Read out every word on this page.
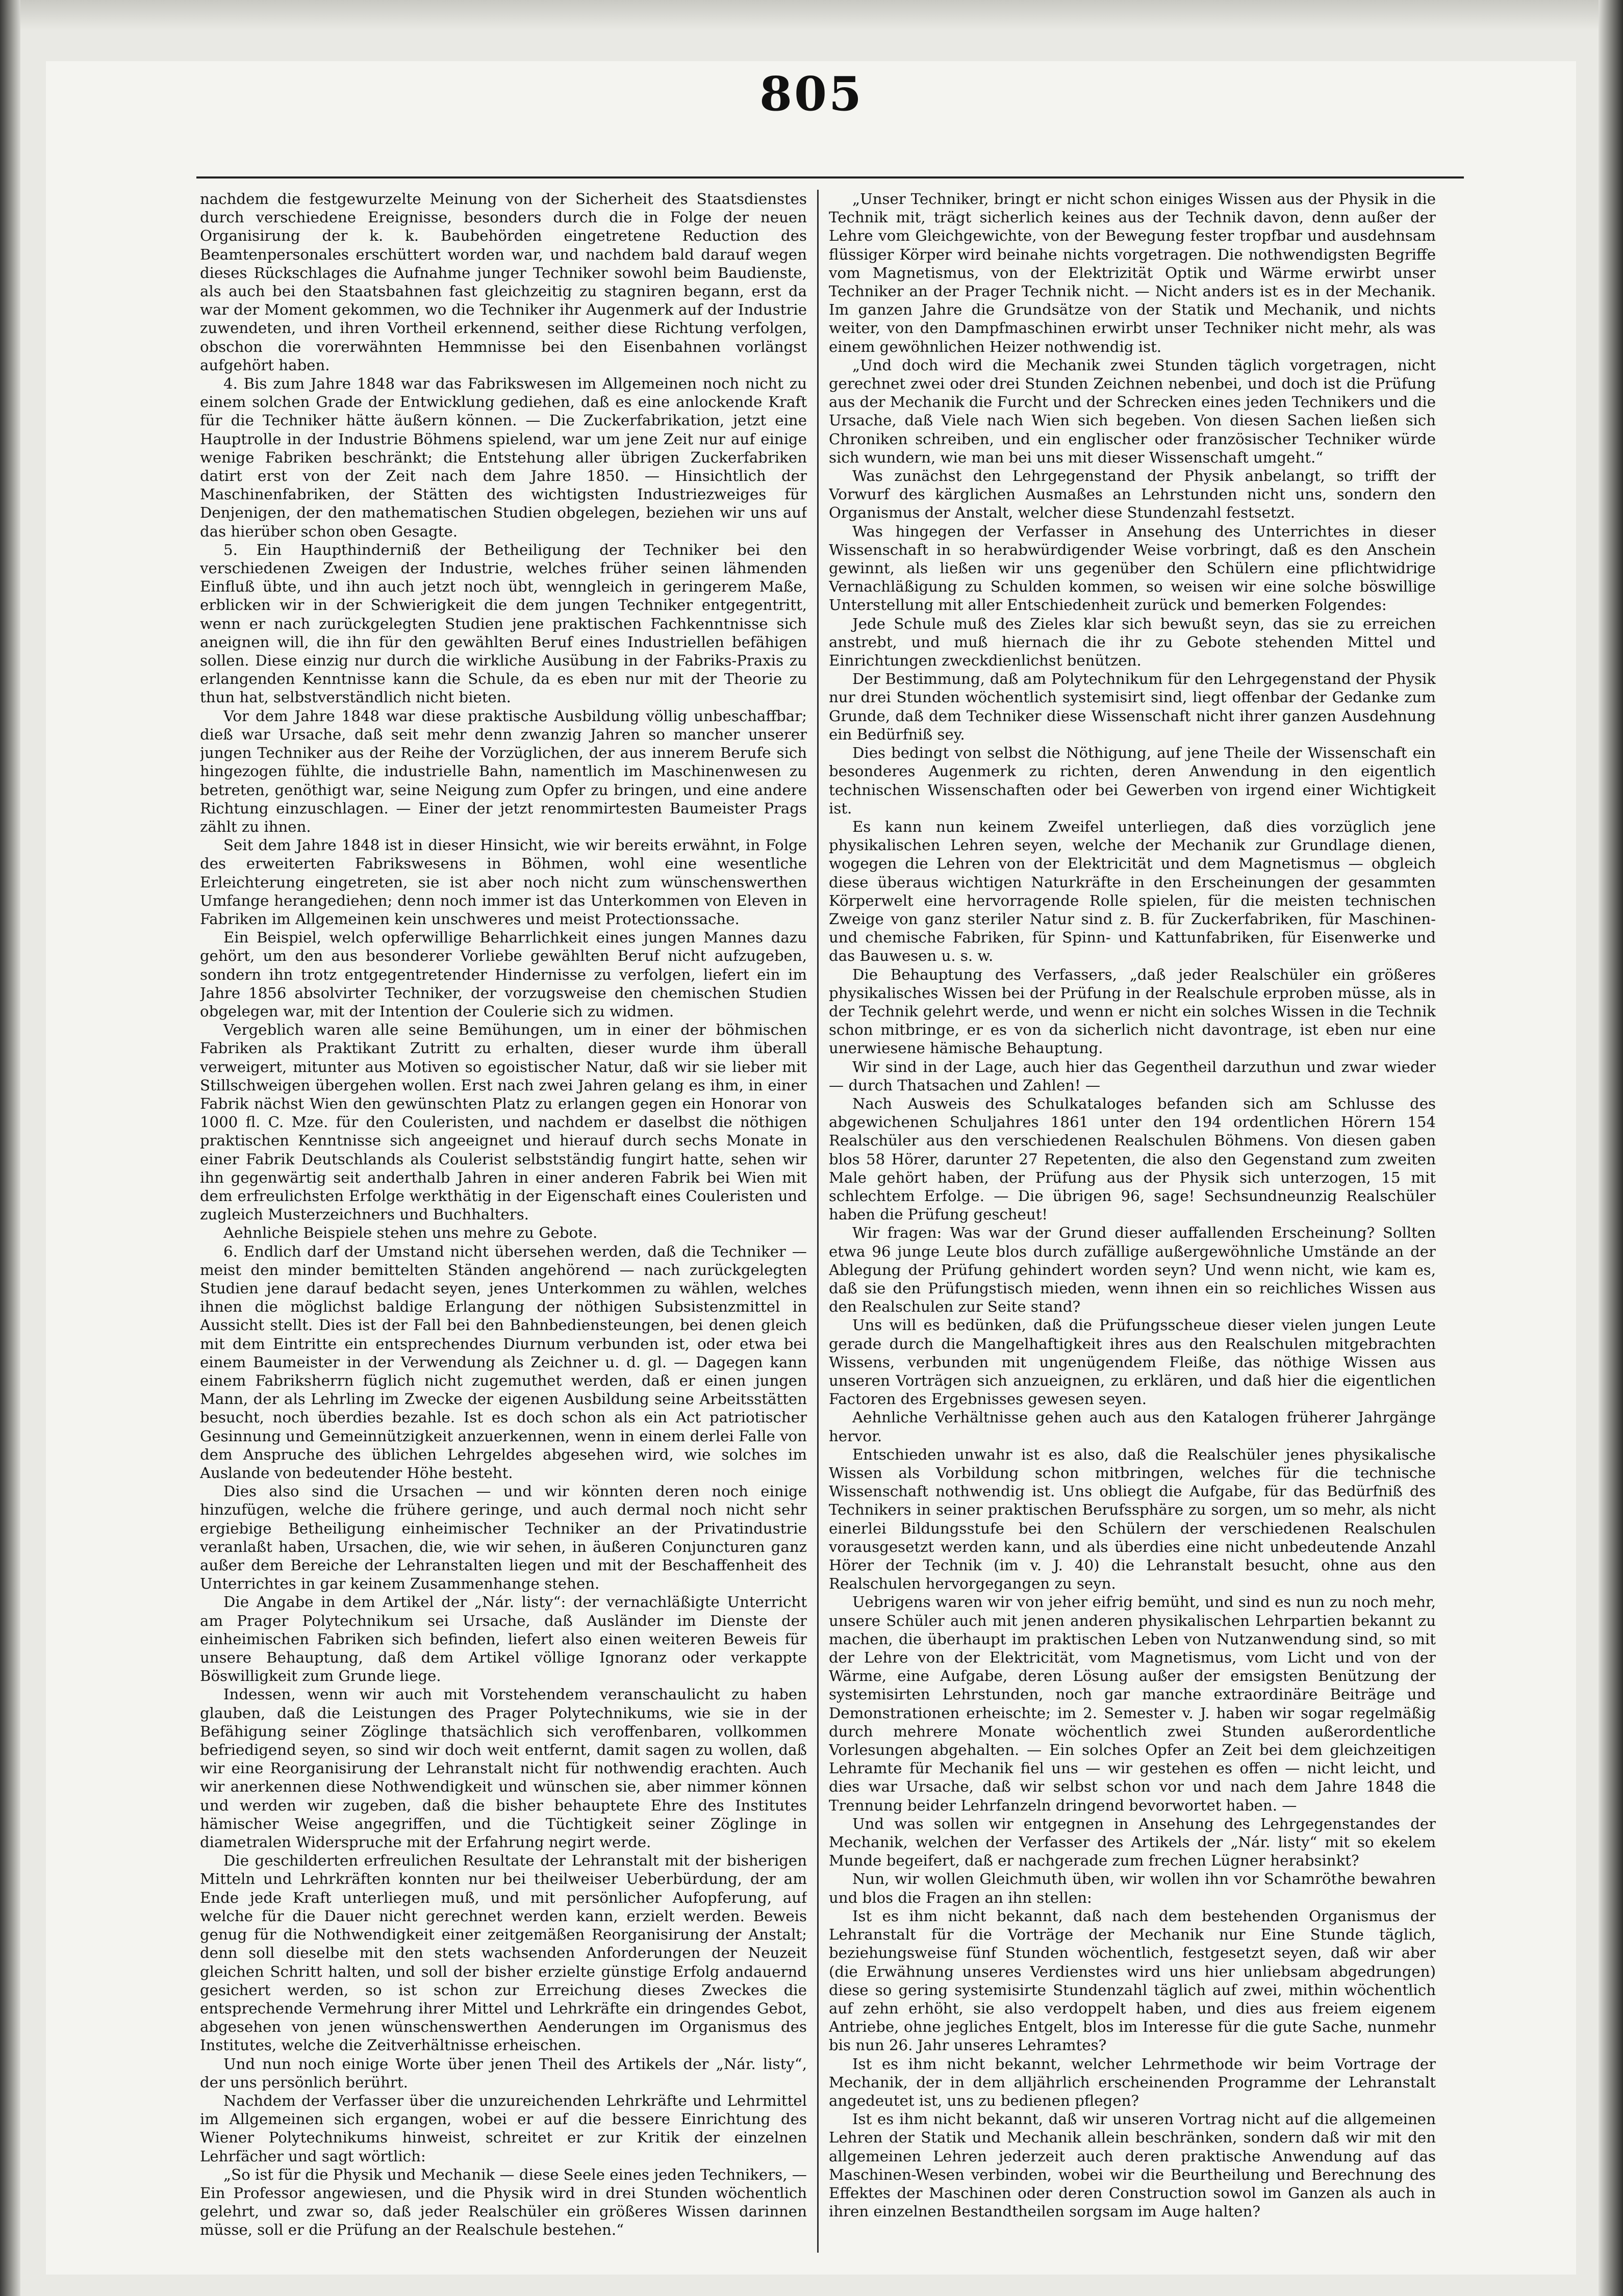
805

nachdem die festgewurzelte Meinung von der Sicherheit des Staatsdienstes durch verschiedene Ereignisse, besonders durch die in Folge der neuen Organisirung der k. k. Baubehörden eingetretene Reduction des Beamtenpersonales erschüttert worden war, und nachdem bald darauf wegen dieses Rückschlages die Aufnahme junger Techniker sowohl beim Baudienste, als auch bei den Staatsbahnen fast gleichzeitig zu stagniren begann, erst da war der Moment gekommen, wo die Techniker ihr Augenmerk auf der Industrie zuwendeten, und ihren Vortheil erkennend, seither diese Richtung verfolgen, obschon die vorerwähnten Hemmnisse bei den Eisenbahnen vorlängst aufgehört haben.

4. Bis zum Jahre 1848 war das Fabrikswesen im Allgemeinen noch nicht zu einem solchen Grade der Entwicklung gediehen, daß es eine anlockende Kraft für die Techniker hätte äußern können. — Die Zuckerfabrikation, jetzt eine Hauptrolle in der Industrie Böhmens spielend, war um jene Zeit nur auf einige wenige Fabriken beschränkt; die Entstehung aller übrigen Zuckerfabriken datirt erst von der Zeit nach dem Jahre 1850. — Hinsichtlich der Maschinenfabriken, der Stätten des wichtigsten Industriezweiges für Denjenigen, der den mathematischen Studien obgelegen, beziehen wir uns auf das hierüber schon oben Gesagte.

5. Ein Haupthinderniß der Betheiligung der Techniker bei den verschiedenen Zweigen der Industrie, welches früher seinen lähmenden Einfluß übte, und ihn auch jetzt noch übt, wenngleich in geringerem Maße, erblicken wir in der Schwierigkeit die dem jungen Techniker entgegentritt, wenn er nach zurückgelegten Studien jene praktischen Fachkenntnisse sich aneignen will, die ihn für den gewählten Beruf eines Industriellen befähigen sollen. Diese einzig nur durch die wirkliche Ausübung in der Fabriks-Praxis zu erlangenden Kenntnisse kann die Schule, da es eben nur mit der Theorie zu thun hat, selbstverständlich nicht bieten.

Vor dem Jahre 1848 war diese praktische Ausbildung völlig unbeschaffbar; dieß war Ursache, daß seit mehr denn zwanzig Jahren so mancher unserer jungen Techniker aus der Reihe der Vorzüglichen, der aus innerem Berufe sich hingezogen fühlte, die industrielle Bahn, namentlich im Maschinenwesen zu betreten, genöthigt war, seine Neigung zum Opfer zu bringen, und eine andere Richtung einzuschlagen. — Einer der jetzt renommirtesten Baumeister Prags zählt zu ihnen.

Seit dem Jahre 1848 ist in dieser Hinsicht, wie wir bereits erwähnt, in Folge des erweiterten Fabrikswesens in Böhmen, wohl eine wesentliche Erleichterung eingetreten, sie ist aber noch nicht zum wünschenswerthen Umfange herangediehen; denn noch immer ist das Unterkommen von Eleven in Fabriken im Allgemeinen kein unschweres und meist Protectionssache.

Ein Beispiel, welch opferwillige Beharrlichkeit eines jungen Mannes dazu gehört, um den aus besonderer Vorliebe gewählten Beruf nicht aufzugeben, sondern ihn trotz entgegentretender Hindernisse zu verfolgen, liefert ein im Jahre 1856 absolvirter Techniker, der vorzugsweise den chemischen Studien obgelegen war, mit der Intention der Coulerie sich zu widmen.

Vergeblich waren alle seine Bemühungen, um in einer der böhmischen Fabriken als Praktikant Zutritt zu erhalten, dieser wurde ihm überall verweigert, mitunter aus Motiven so egoistischer Natur, daß wir sie lieber mit Stillschweigen übergehen wollen. Erst nach zwei Jahren gelang es ihm, in einer Fabrik nächst Wien den gewünschten Platz zu erlangen gegen ein Honorar von 1000 fl. C. Mze. für den Couleristen, und nachdem er daselbst die nöthigen praktischen Kenntnisse sich angeeignet und hierauf durch sechs Monate in einer Fabrik Deutschlands als Coulerist selbstständig fungirt hatte, sehen wir ihn gegenwärtig seit anderthalb Jahren in einer anderen Fabrik bei Wien mit dem erfreulichsten Erfolge werkthätig in der Eigenschaft eines Couleristen und zugleich Musterzeichners und Buchhalters.

Aehnliche Beispiele stehen uns mehre zu Gebote.

6. Endlich darf der Umstand nicht übersehen werden, daß die Techniker — meist den minder bemittelten Ständen angehörend — nach zurückgelegten Studien jene darauf bedacht seyen, jenes Unterkommen zu wählen, welches ihnen die möglichst baldige Erlangung der nöthigen Subsistenzmittel in Aussicht stellt. Dies ist der Fall bei den Bahnbediensteungen, bei denen gleich mit dem Eintritte ein entsprechendes Diurnum verbunden ist, oder etwa bei einem Baumeister in der Verwendung als Zeichner u. d. gl. — Dagegen kann einem Fabriksherrn füglich nicht zugemuthet werden, daß er einen jungen Mann, der als Lehrling im Zwecke der eigenen Ausbildung seine Arbeitsstätten besucht, noch überdies bezahle. Ist es doch schon als ein Act patriotischer Gesinnung und Gemeinnützigkeit anzuerkennen, wenn in einem derlei Falle von dem Anspruche des üblichen Lehrgeldes abgesehen wird, wie solches im Auslande von bedeutender Höhe besteht.

Dies also sind die Ursachen — und wir könnten deren noch einige hinzufügen, welche die frühere geringe, und auch dermal noch nicht sehr ergiebige Betheiligung einheimischer Techniker an der Privatindustrie veranlaßt haben, Ursachen, die, wie wir sehen, in äußeren Conjuncturen ganz außer dem Bereiche der Lehranstalten liegen und mit der Beschaffenheit des Unterrichtes in gar keinem Zusammenhange stehen.

Die Angabe in dem Artikel der „Nár. listy“: der vernachläßigte Unterricht am Prager Polytechnikum sei Ursache, daß Ausländer im Dienste der einheimischen Fabriken sich befinden, liefert also einen weiteren Beweis für unsere Behauptung, daß dem Artikel völlige Ignoranz oder verkappte Böswilligkeit zum Grunde liege.

Indessen, wenn wir auch mit Vorstehendem veranschaulicht zu haben glauben, daß die Leistungen des Prager Polytechnikums, wie sie in der Befähigung seiner Zöglinge thatsächlich sich veroffenbaren, vollkommen befriedigend seyen, so sind wir doch weit entfernt, damit sagen zu wollen, daß wir eine Reorganisirung der Lehranstalt nicht für nothwendig erachten. Auch wir anerkennen diese Nothwendigkeit und wünschen sie, aber nimmer können und werden wir zugeben, daß die bisher behauptete Ehre des Institutes hämischer Weise angegriffen, und die Tüchtigkeit seiner Zöglinge in diametralen Widerspruche mit der Erfahrung negirt werde.

Die geschilderten erfreulichen Resultate der Lehranstalt mit der bisherigen Mitteln und Lehrkräften konnten nur bei theilweiser Ueberbürdung, der am Ende jede Kraft unterliegen muß, und mit persönlicher Aufopferung, auf welche für die Dauer nicht gerechnet werden kann, erzielt werden. Beweis genug für die Nothwendigkeit einer zeitgemäßen Reorganisirung der Anstalt; denn soll dieselbe mit den stets wachsenden Anforderungen der Neuzeit gleichen Schritt halten, und soll der bisher erzielte günstige Erfolg andauernd gesichert werden, so ist schon zur Erreichung dieses Zweckes die entsprechende Vermehrung ihrer Mittel und Lehrkräfte ein dringendes Gebot, abgesehen von jenen wünschenswerthen Aenderungen im Organismus des Institutes, welche die Zeitverhältnisse erheischen.

Und nun noch einige Worte über jenen Theil des Artikels der „Nár. listy“, der uns persönlich berührt.

Nachdem der Verfasser über die unzureichenden Lehrkräfte und Lehrmittel im Allgemeinen sich ergangen, wobei er auf die bessere Einrichtung des Wiener Polytechnikums hinweist, schreitet er zur Kritik der einzelnen Lehrfächer und sagt wörtlich:

„So ist für die Physik und Mechanik — diese Seele eines jeden Technikers, — Ein Professor angewiesen, und die Physik wird in drei Stunden wöchentlich gelehrt, und zwar so, daß jeder Realschüler ein größeres Wissen darinnen müsse, soll er die Prüfung an der Realschule bestehen.“

„Unser Techniker, bringt er nicht schon einiges Wissen aus der Physik in die Technik mit, trägt sicherlich keines aus der Technik davon, denn außer der Lehre vom Gleichgewichte, von der Bewegung fester tropfbar und ausdehnsam flüssiger Körper wird beinahe nichts vorgetragen. Die nothwendigsten Begriffe vom Magnetismus, von der Elektrizität Optik und Wärme erwirbt unser Techniker an der Prager Technik nicht. — Nicht anders ist es in der Mechanik. Im ganzen Jahre die Grundsätze von der Statik und Mechanik, und nichts weiter, von den Dampfmaschinen erwirbt unser Techniker nicht mehr, als was einem gewöhnlichen Heizer nothwendig ist.

„Und doch wird die Mechanik zwei Stunden täglich vorgetragen, nicht gerechnet zwei oder drei Stunden Zeichnen nebenbei, und doch ist die Prüfung aus der Mechanik die Furcht und der Schrecken eines jeden Technikers und die Ursache, daß Viele nach Wien sich begeben. Von diesen Sachen ließen sich Chroniken schreiben, und ein englischer oder französischer Techniker würde sich wundern, wie man bei uns mit dieser Wissenschaft umgeht.“

Was zunächst den Lehrgegenstand der Physik anbelangt, so trifft der Vorwurf des kärglichen Ausmaßes an Lehrstunden nicht uns, sondern den Organismus der Anstalt, welcher diese Stundenzahl festsetzt.

Was hingegen der Verfasser in Ansehung des Unterrichtes in dieser Wissenschaft in so herabwürdigender Weise vorbringt, daß es den Anschein gewinnt, als ließen wir uns gegenüber den Schülern eine pflichtwidrige Vernachläßigung zu Schulden kommen, so weisen wir eine solche böswillige Unterstellung mit aller Entschiedenheit zurück und bemerken Folgendes:

Jede Schule muß des Zieles klar sich bewußt seyn, das sie zu erreichen anstrebt, und muß hiernach die ihr zu Gebote stehenden Mittel und Einrichtungen zweckdienlichst benützen.

Der Bestimmung, daß am Polytechnikum für den Lehrgegenstand der Physik nur drei Stunden wöchentlich systemisirt sind, liegt offenbar der Gedanke zum Grunde, daß dem Techniker diese Wissenschaft nicht ihrer ganzen Ausdehnung ein Bedürfniß sey.

Dies bedingt von selbst die Nöthigung, auf jene Theile der Wissenschaft ein besonderes Augenmerk zu richten, deren Anwendung in den eigentlich technischen Wissenschaften oder bei Gewerben von irgend einer Wichtigkeit ist.

Es kann nun keinem Zweifel unterliegen, daß dies vorzüglich jene physikalischen Lehren seyen, welche der Mechanik zur Grundlage dienen, wogegen die Lehren von der Elektricität und dem Magnetismus — obgleich diese überaus wichtigen Naturkräfte in den Erscheinungen der gesammten Körperwelt eine hervorragende Rolle spielen, für die meisten technischen Zweige von ganz steriler Natur sind z. B. für Zuckerfabriken, für Maschinen- und chemische Fabriken, für Spinn- und Kattunfabriken, für Eisenwerke und das Bauwesen u. s. w.

Die Behauptung des Verfassers, „daß jeder Realschüler ein größeres physikalisches Wissen bei der Prüfung in der Realschule erproben müsse, als in der Technik gelehrt werde, und wenn er nicht ein solches Wissen in die Technik schon mitbringe, er es von da sicherlich nicht davontrage, ist eben nur eine unerwiesene hämische Behauptung.

Wir sind in der Lage, auch hier das Gegentheil darzuthun und zwar wieder — durch Thatsachen und Zahlen! —

Nach Ausweis des Schulkataloges befanden sich am Schlusse des abgewichenen Schuljahres 1861 unter den 194 ordentlichen Hörern 154 Realschüler aus den verschiedenen Realschulen Böhmens. Von diesen gaben blos 58 Hörer, darunter 27 Repetenten, die also den Gegenstand zum zweiten Male gehört haben, der Prüfung aus der Physik sich unterzogen, 15 mit schlechtem Erfolge. — Die übrigen 96, sage! Sechsundneunzig Realschüler haben die Prüfung gescheut!

Wir fragen: Was war der Grund dieser auffallenden Erscheinung? Sollten etwa 96 junge Leute blos durch zufällige außergewöhnliche Umstände an der Ablegung der Prüfung gehindert worden seyn? Und wenn nicht, wie kam es, daß sie den Prüfungstisch mieden, wenn ihnen ein so reichliches Wissen aus den Realschulen zur Seite stand?

Uns will es bedünken, daß die Prüfungsscheue dieser vielen jungen Leute gerade durch die Mangelhaftigkeit ihres aus den Realschulen mitgebrachten Wissens, verbunden mit ungenügendem Fleiße, das nöthige Wissen aus unseren Vorträgen sich anzueignen, zu erklären, und daß hier die eigentlichen Factoren des Ergebnisses gewesen seyen.

Aehnliche Verhältnisse gehen auch aus den Katalogen früherer Jahrgänge hervor.

Entschieden unwahr ist es also, daß die Realschüler jenes physikalische Wissen als Vorbildung schon mitbringen, welches für die technische Wissenschaft nothwendig ist. Uns obliegt die Aufgabe, für das Bedürfniß des Technikers in seiner praktischen Berufssphäre zu sorgen, um so mehr, als nicht einerlei Bildungsstufe bei den Schülern der verschiedenen Realschulen vorausgesetzt werden kann, und als überdies eine nicht unbedeutende Anzahl Hörer der Technik (im v. J. 40) die Lehranstalt besucht, ohne aus den Realschulen hervorgegangen zu seyn.

Uebrigens waren wir von jeher eifrig bemüht, und sind es nun zu noch mehr, unsere Schüler auch mit jenen anderen physikalischen Lehrpartien bekannt zu machen, die überhaupt im praktischen Leben von Nutzanwendung sind, so mit der Lehre von der Elektricität, vom Magnetismus, vom Licht und von der Wärme, eine Aufgabe, deren Lösung außer der emsigsten Benützung der systemisirten Lehrstunden, noch gar manche extraordinäre Beiträge und Demonstrationen erheischte; im 2. Semester v. J. haben wir sogar regelmäßig durch mehrere Monate wöchentlich zwei Stunden außerordentliche Vorlesungen abgehalten. — Ein solches Opfer an Zeit bei dem gleichzeitigen Lehramte für Mechanik fiel uns — wir gestehen es offen — nicht leicht, und dies war Ursache, daß wir selbst schon vor und nach dem Jahre 1848 die Trennung beider Lehrfanzeln dringend bevorwortet haben. —

Und was sollen wir entgegnen in Ansehung des Lehrgegenstandes der Mechanik, welchen der Verfasser des Artikels der „Nár. listy“ mit so ekelem Munde begeifert, daß er nachgerade zum frechen Lügner herabsinkt?

Nun, wir wollen Gleichmuth üben, wir wollen ihn vor Schamröthe bewahren und blos die Fragen an ihn stellen:

Ist es ihm nicht bekannt, daß nach dem bestehenden Organismus der Lehranstalt für die Vorträge der Mechanik nur Eine Stunde täglich, beziehungsweise fünf Stunden wöchentlich, festgesetzt seyen, daß wir aber (die Erwähnung unseres Verdienstes wird uns hier unliebsam abgedrungen) diese so gering systemisirte Stundenzahl täglich auf zwei, mithin wöchentlich auf zehn erhöht, sie also verdoppelt haben, und dies aus freiem eigenem Antriebe, ohne jegliches Entgelt, blos im Interesse für die gute Sache, nunmehr bis nun 26. Jahr unseres Lehramtes?

Ist es ihm nicht bekannt, welcher Lehrmethode wir beim Vortrage der Mechanik, der in dem alljährlich erscheinenden Programme der Lehranstalt angedeutet ist, uns zu bedienen pflegen?

Ist es ihm nicht bekannt, daß wir unseren Vortrag nicht auf die allgemeinen Lehren der Statik und Mechanik allein beschränken, sondern daß wir mit den allgemeinen Lehren jederzeit auch deren praktische Anwendung auf das Maschinen-Wesen verbinden, wobei wir die Beurtheilung und Berechnung des Effektes der Maschinen oder deren Construction sowol im Ganzen als auch in ihren einzelnen Bestandtheilen sorgsam im Auge halten?
